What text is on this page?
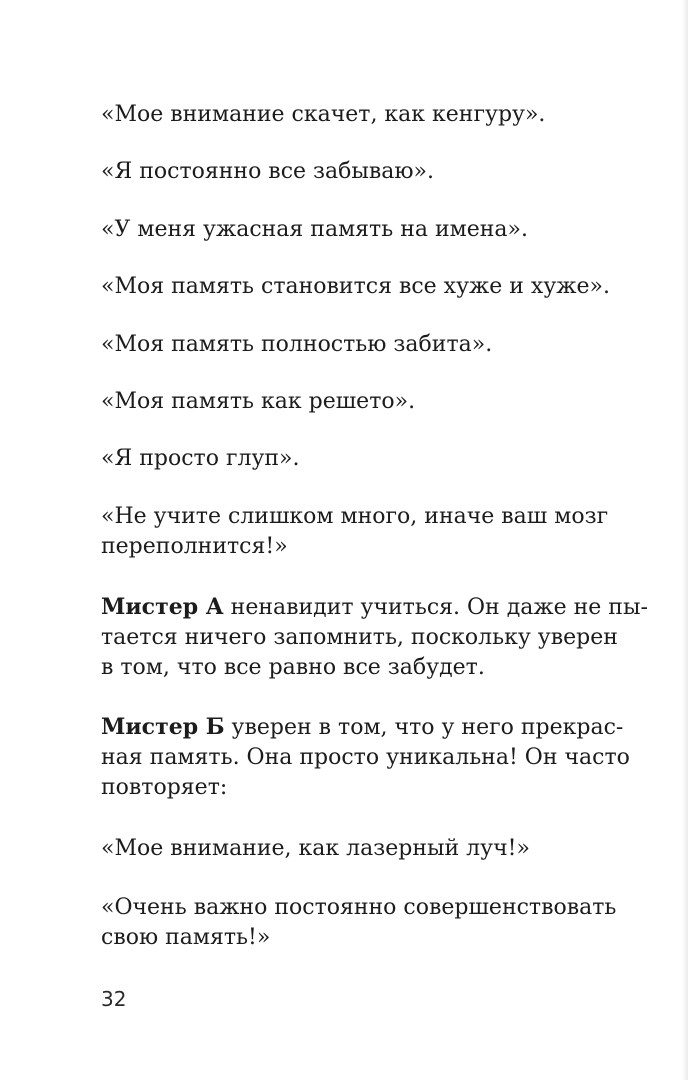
«Мое внимание скачет, как кенгуру».

«Я постоянно все забываю».

«У меня ужасная память на имена».

«Моя память становится все хуже и хуже».

«Моя память полностью забита».

«Моя память как решето».

«Я просто глуп».

«Не учите слишком много, иначе ваш мозг
переполнится!»

Мистер А ненавидит учиться. Он даже не пы-
тается ничего запомнить, поскольку уверен
в том, что все равно все забудет.

Мистер Б уверен в том, что у него прекрас-
ная память. Она просто уникальна! Он часто
повторяет:

«Мое внимание, как лазерный луч!»

«Очень важно постоянно совершенствовать
свою память!»

32
